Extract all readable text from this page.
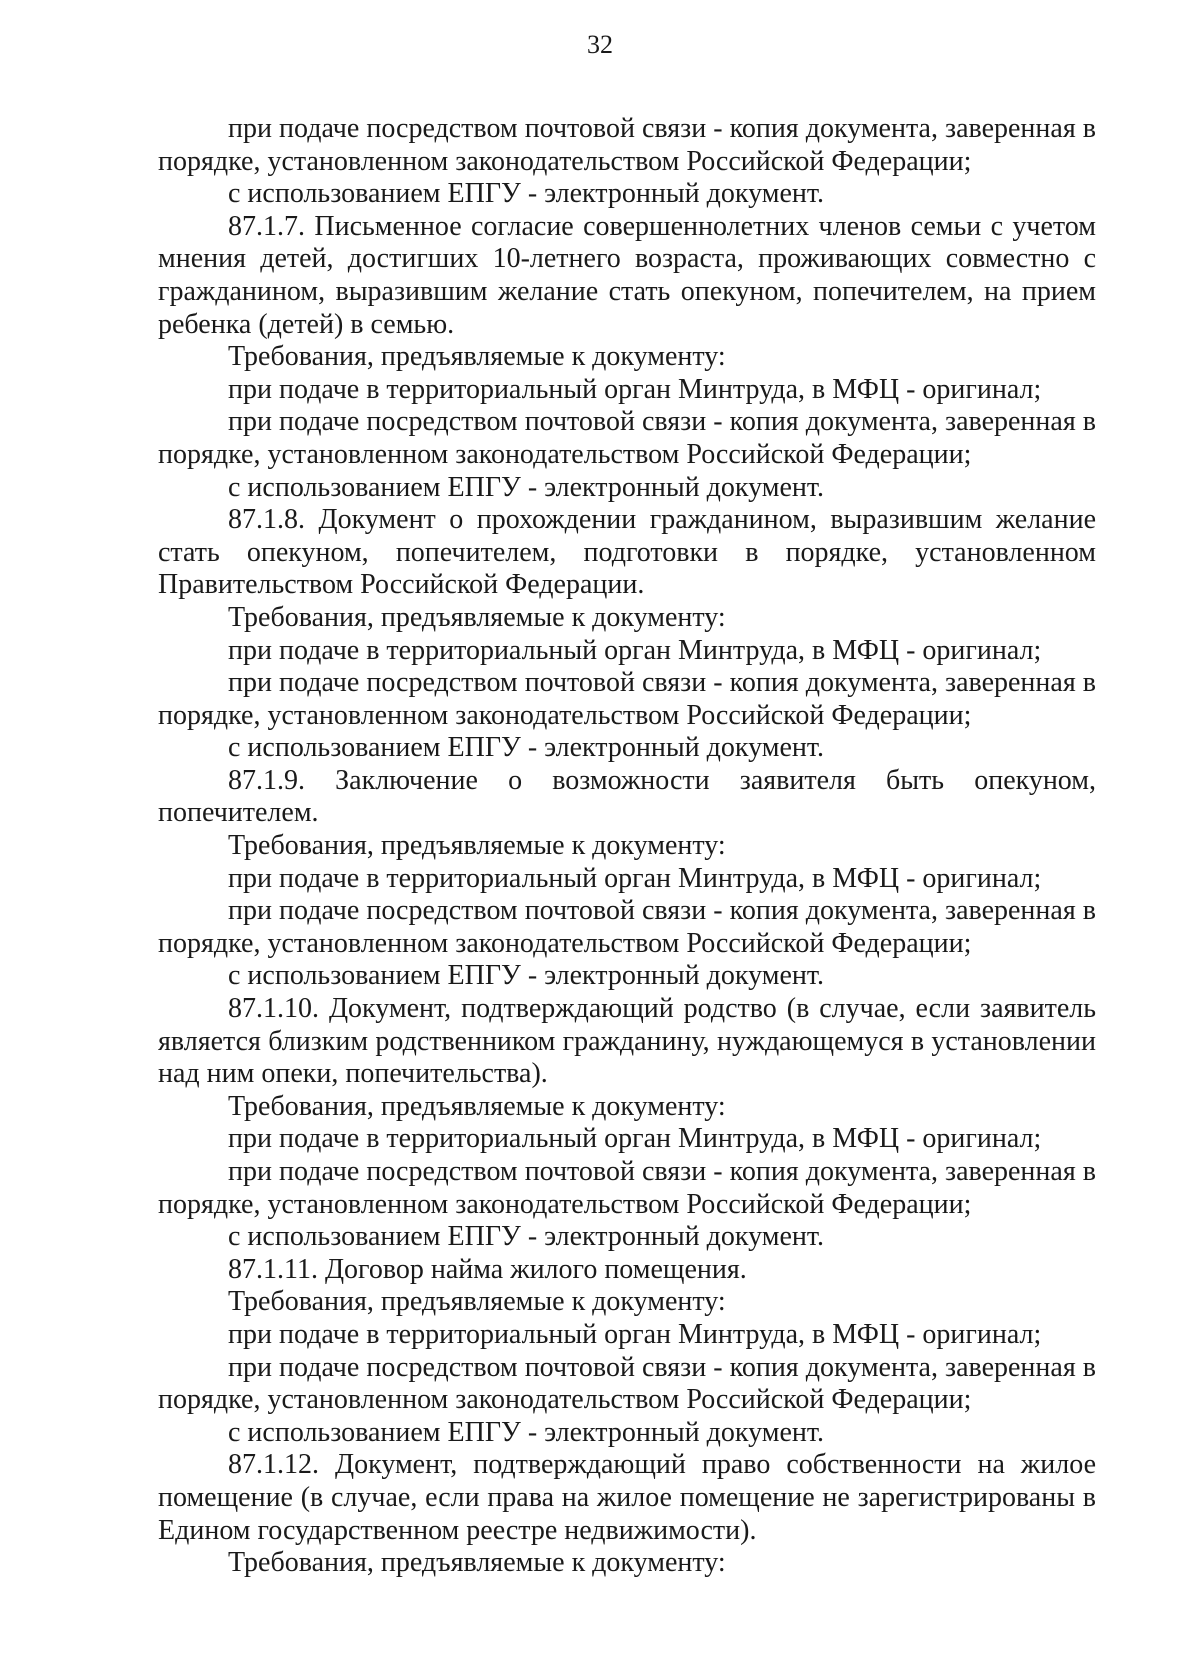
32

при подаче посредством почтовой связи - копия документа, заверенная в порядке, установленном законодательством Российской Федерации;

с использованием ЕПГУ - электронный документ.

87.1.7. Письменное согласие совершеннолетних членов семьи с учетом мнения детей, достигших 10-летнего возраста, проживающих совместно с гражданином, выразившим желание стать опекуном, попечителем, на прием ребенка (детей) в семью.

Требования, предъявляемые к документу:

при подаче в территориальный орган Минтруда, в МФЦ - оригинал;

при подаче посредством почтовой связи - копия документа, заверенная в порядке, установленном законодательством Российской Федерации;

с использованием ЕПГУ - электронный документ.

87.1.8. Документ о прохождении гражданином, выразившим желание стать опекуном, попечителем, подготовки в порядке, установленном Правительством Российской Федерации.

Требования, предъявляемые к документу:

при подаче в территориальный орган Минтруда, в МФЦ - оригинал;

при подаче посредством почтовой связи - копия документа, заверенная в порядке, установленном законодательством Российской Федерации;

с использованием ЕПГУ - электронный документ.

87.1.9. Заключение о возможности заявителя быть опекуном, попечителем.

Требования, предъявляемые к документу:

при подаче в территориальный орган Минтруда, в МФЦ - оригинал;

при подаче посредством почтовой связи - копия документа, заверенная в порядке, установленном законодательством Российской Федерации;

с использованием ЕПГУ - электронный документ.

87.1.10. Документ, подтверждающий родство (в случае, если заявитель является близким родственником гражданину, нуждающемуся в установлении над ним опеки, попечительства).

Требования, предъявляемые к документу:

при подаче в территориальный орган Минтруда, в МФЦ - оригинал;

при подаче посредством почтовой связи - копия документа, заверенная в порядке, установленном законодательством Российской Федерации;

с использованием ЕПГУ - электронный документ.

87.1.11. Договор найма жилого помещения.

Требования, предъявляемые к документу:

при подаче в территориальный орган Минтруда, в МФЦ - оригинал;

при подаче посредством почтовой связи - копия документа, заверенная в порядке, установленном законодательством Российской Федерации;

с использованием ЕПГУ - электронный документ.

87.1.12. Документ, подтверждающий право собственности на жилое помещение (в случае, если права на жилое помещение не зарегистрированы в Едином государственном реестре недвижимости).

Требования, предъявляемые к документу:
